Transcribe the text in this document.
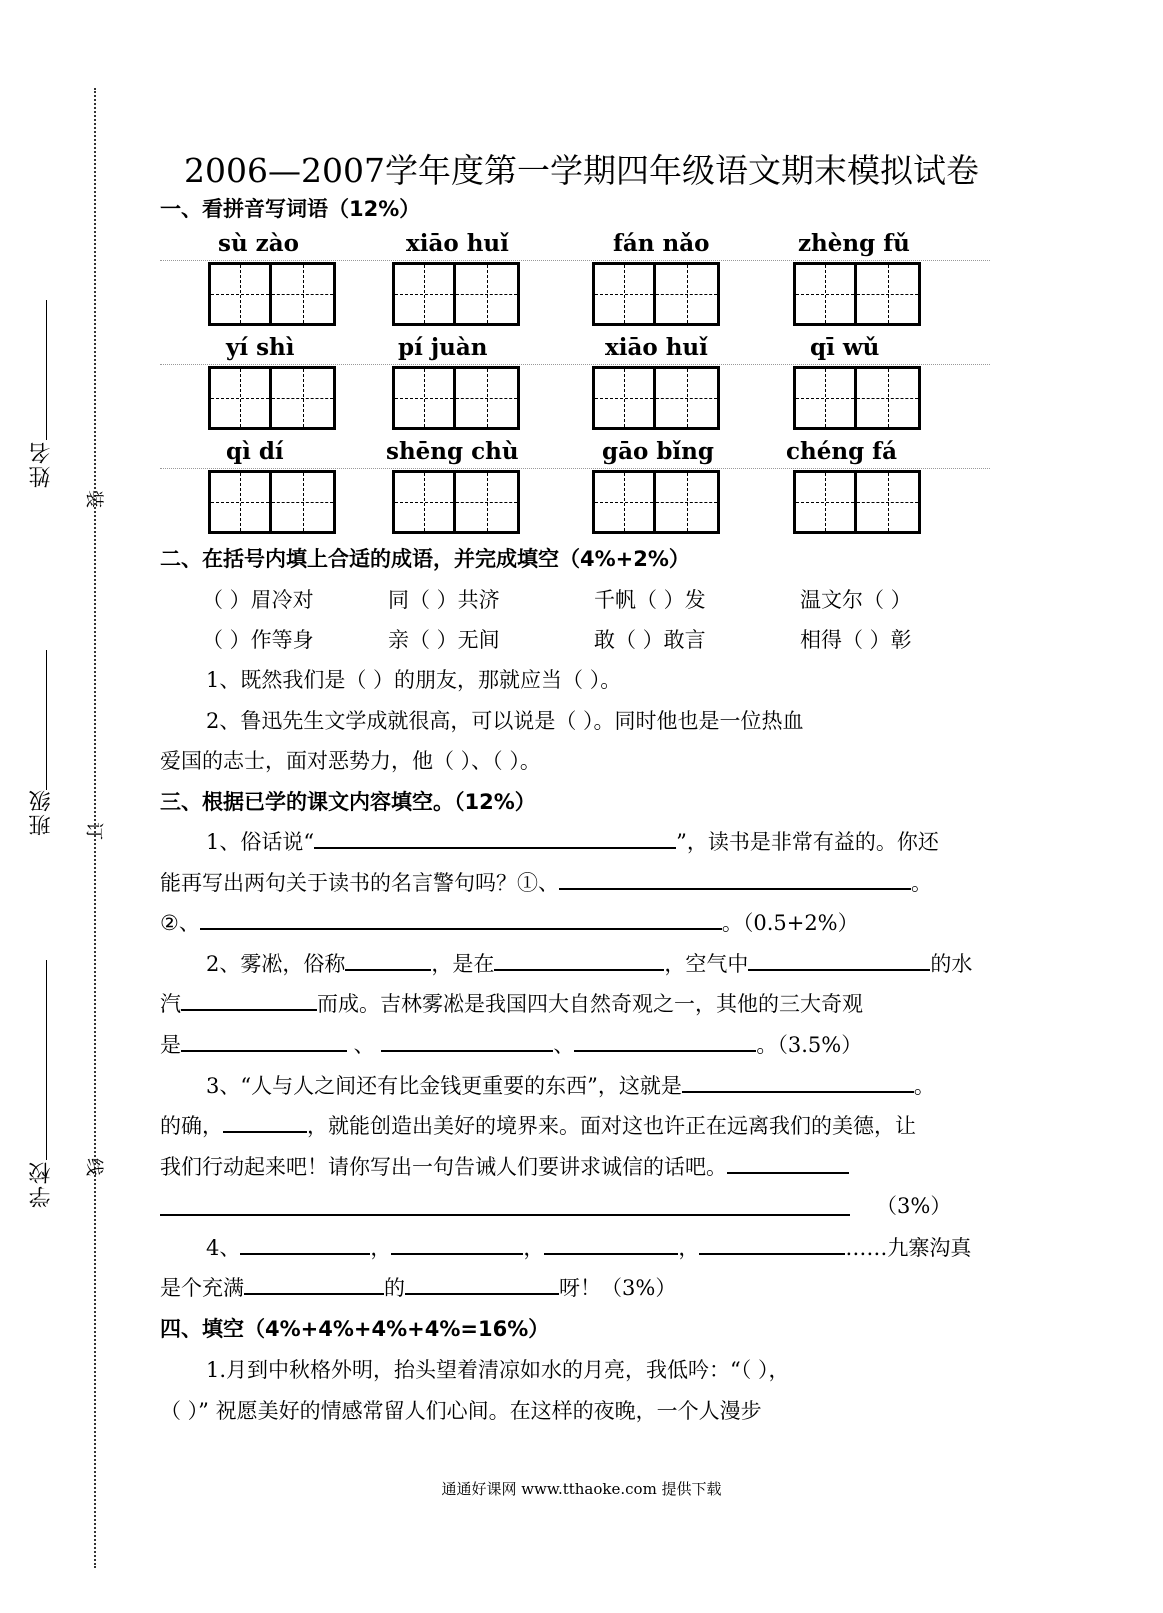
姓名
班级
学校
装
订
线
2006—2007学年度第一学期四年级语文期末模拟试卷
一、看拼音写词语（12%）
sù zào	xiāo huǐ	fán nǎo	zhèng fǔ
yí shì	pí juàn	xiāo huǐ	qī wǔ
qì dí	shēng chù	gāo bǐng	chéng fá
二、在括号内填上合适的成语，并完成填空（4%+2%）
（ ）眉冷对	同（ ）共济	千帆（ ）发	温文尔（ ）
（ ）作等身	亲（ ）无间	敢（ ）敢言	相得（ ）彰
1、既然我们是（ ）的朋友，那就应当（ ）。
2、鲁迅先生文学成就很高，可以说是（ ）。同时他也是一位热血
爱国的志士，面对恶势力，他（ ）、（ ）。
三、根据已学的课文内容填空。（12%）
1、俗话说“	”，读书是非常有益的。你还
能再写出两句关于读书的名言警句吗？①、	。
②、	。（0.5+2%）
2、雾凇，俗称	，是在	，空气中	的水
汽	而成。吉林雾凇是我国四大自然奇观之一，其他的三大奇观
是	、	、	。（3.5%）
3、“人与人之间还有比金钱更重要的东西”，这就是	。
的确，	，就能创造出美好的境界来。面对这也许正在远离我们的美德，让
我们行动起来吧！请你写出一句告诫人们要讲求诚信的话吧。
（3%）
4、	，	，	，	……九寨沟真
是个充满	的	呀！（3%）
四、填空（4%+4%+4%+4%=16%）
1.月到中秋格外明，抬头望着清凉如水的月亮，我低吟：“（ ），
（ ）” 祝愿美好的情感常留人们心间。在这样的夜晚，一个人漫步
通通好课网 www.tthaoke.com 提供下载
